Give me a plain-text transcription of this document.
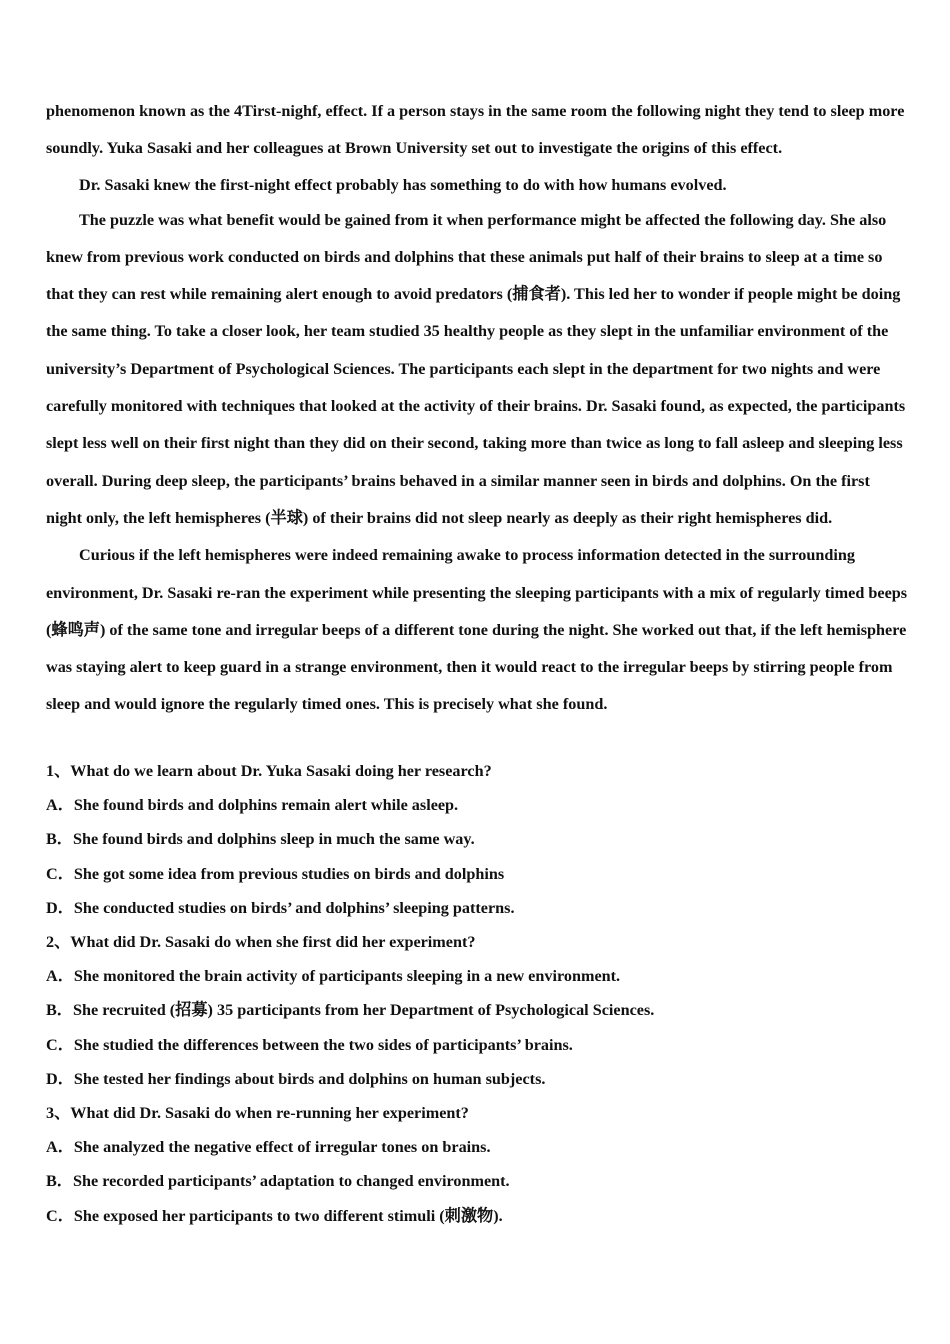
phenomenon known as the 4Tirst-nighf, effect. If a person stays in the same room the following night they tend to sleep more soundly. Yuka Sasaki and her colleagues at Brown University set out to investigate the origins of this effect.

Dr. Sasaki knew the first-night effect probably has something to do with how humans evolved.

The puzzle was what benefit would be gained from it when performance might be affected the following day. She also knew from previous work conducted on birds and dolphins that these animals put half of their brains to sleep at a time so that they can rest while remaining alert enough to avoid predators (捕食者). This led her to wonder if people might be doing the same thing. To take a closer look, her team studied 35 healthy people as they slept in the unfamiliar environment of the university’s Department of Psychological Sciences. The participants each slept in the department for two nights and were carefully monitored with techniques that looked at the activity of their brains. Dr. Sasaki found, as expected, the participants slept less well on their first night than they did on their second, taking more than twice as long to fall asleep and sleeping less overall. During deep sleep, the participants’ brains behaved in a similar manner seen in birds and dolphins. On the first night only, the left hemispheres (半球) of their brains did not sleep nearly as deeply as their right hemispheres did.

Curious if the left hemispheres were indeed remaining awake to process information detected in the surrounding environment, Dr. Sasaki re-ran the experiment while presenting the sleeping participants with a mix of regularly timed beeps (蜂鸣声) of the same tone and irregular beeps of a different tone during the night. She worked out that, if the left hemisphere was staying alert to keep guard in a strange environment, then it would react to the irregular beeps by stirring people from sleep and would ignore the regularly timed ones. This is precisely what she found.

1、What do we learn about Dr. Yuka Sasaki doing her research?

A．She found birds and dolphins remain alert while asleep.

B．She found birds and dolphins sleep in much the same way.

C．She got some idea from previous studies on birds and dolphins

D．She conducted studies on birds’ and dolphins’ sleeping patterns.

2、What did Dr. Sasaki do when she first did her experiment?

A．She monitored the brain activity of participants sleeping in a new environment.

B．She recruited (招募) 35 participants from her Department of Psychological Sciences.

C．She studied the differences between the two sides of participants’ brains.

D．She tested her findings about birds and dolphins on human subjects.

3、What did Dr. Sasaki do when re-running her experiment?

A．She analyzed the negative effect of irregular tones on brains.

B．She recorded participants’ adaptation to changed environment.

C．She exposed her participants to two different stimuli (刺激物).
